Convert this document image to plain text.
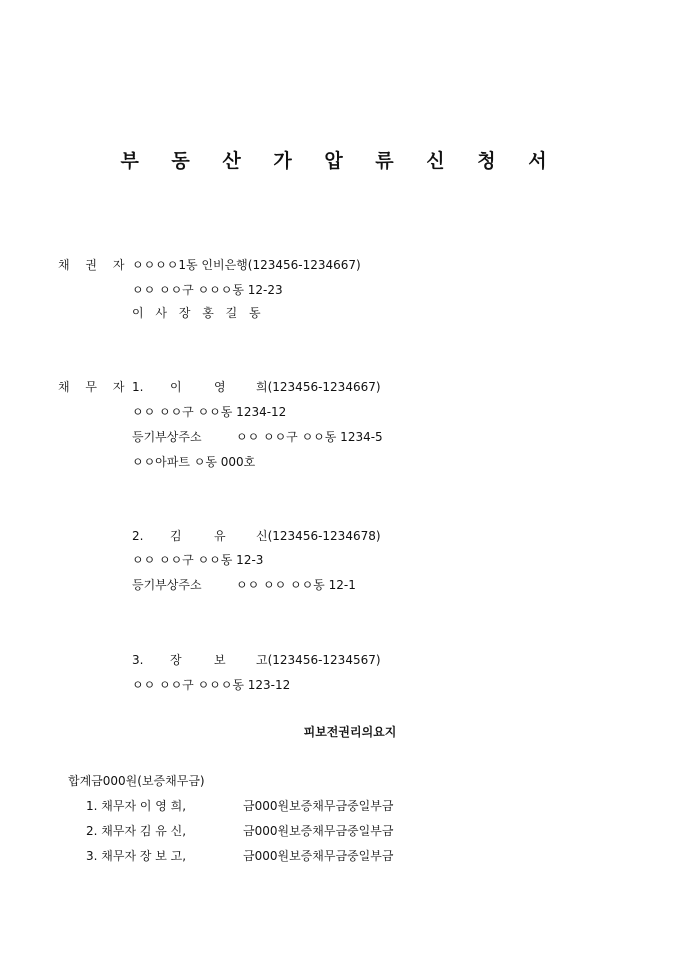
부 동 산 가 압 류 신 청 서
채 권 자 ㅇㅇㅇㅇ1동 인비은행(123456-1234667)
ㅇㅇ ㅇㅇ구 ㅇㅇㅇ동 12-23
이 사 장 홍 길 동
채 무 자 1. 이	영	희(123456-1234667)
ㅇㅇ ㅇㅇ구 ㅇㅇ동 1234-12
등기부상주소	ㅇㅇ ㅇㅇ구 ㅇㅇ동 1234-5
ㅇㅇ아파트 ㅇ동 000호
2. 김	유	신(123456-1234678)
ㅇㅇ ㅇㅇ구 ㅇㅇ동 12-3
등기부상주소	ㅇㅇ ㅇㅇ ㅇㅇ동 12-1
3. 장	보	고(123456-1234567)
ㅇㅇ ㅇㅇ구 ㅇㅇㅇ동 123-12
피보전권리의요지
합계금000원(보증채무금)
1. 채무자 이 영 희,	금000원보증채무금중일부금
2. 채무자 김 유 신,	금000원보증채무금중일부금
3. 채무자 장 보 고,	금000원보증채무금중일부금
